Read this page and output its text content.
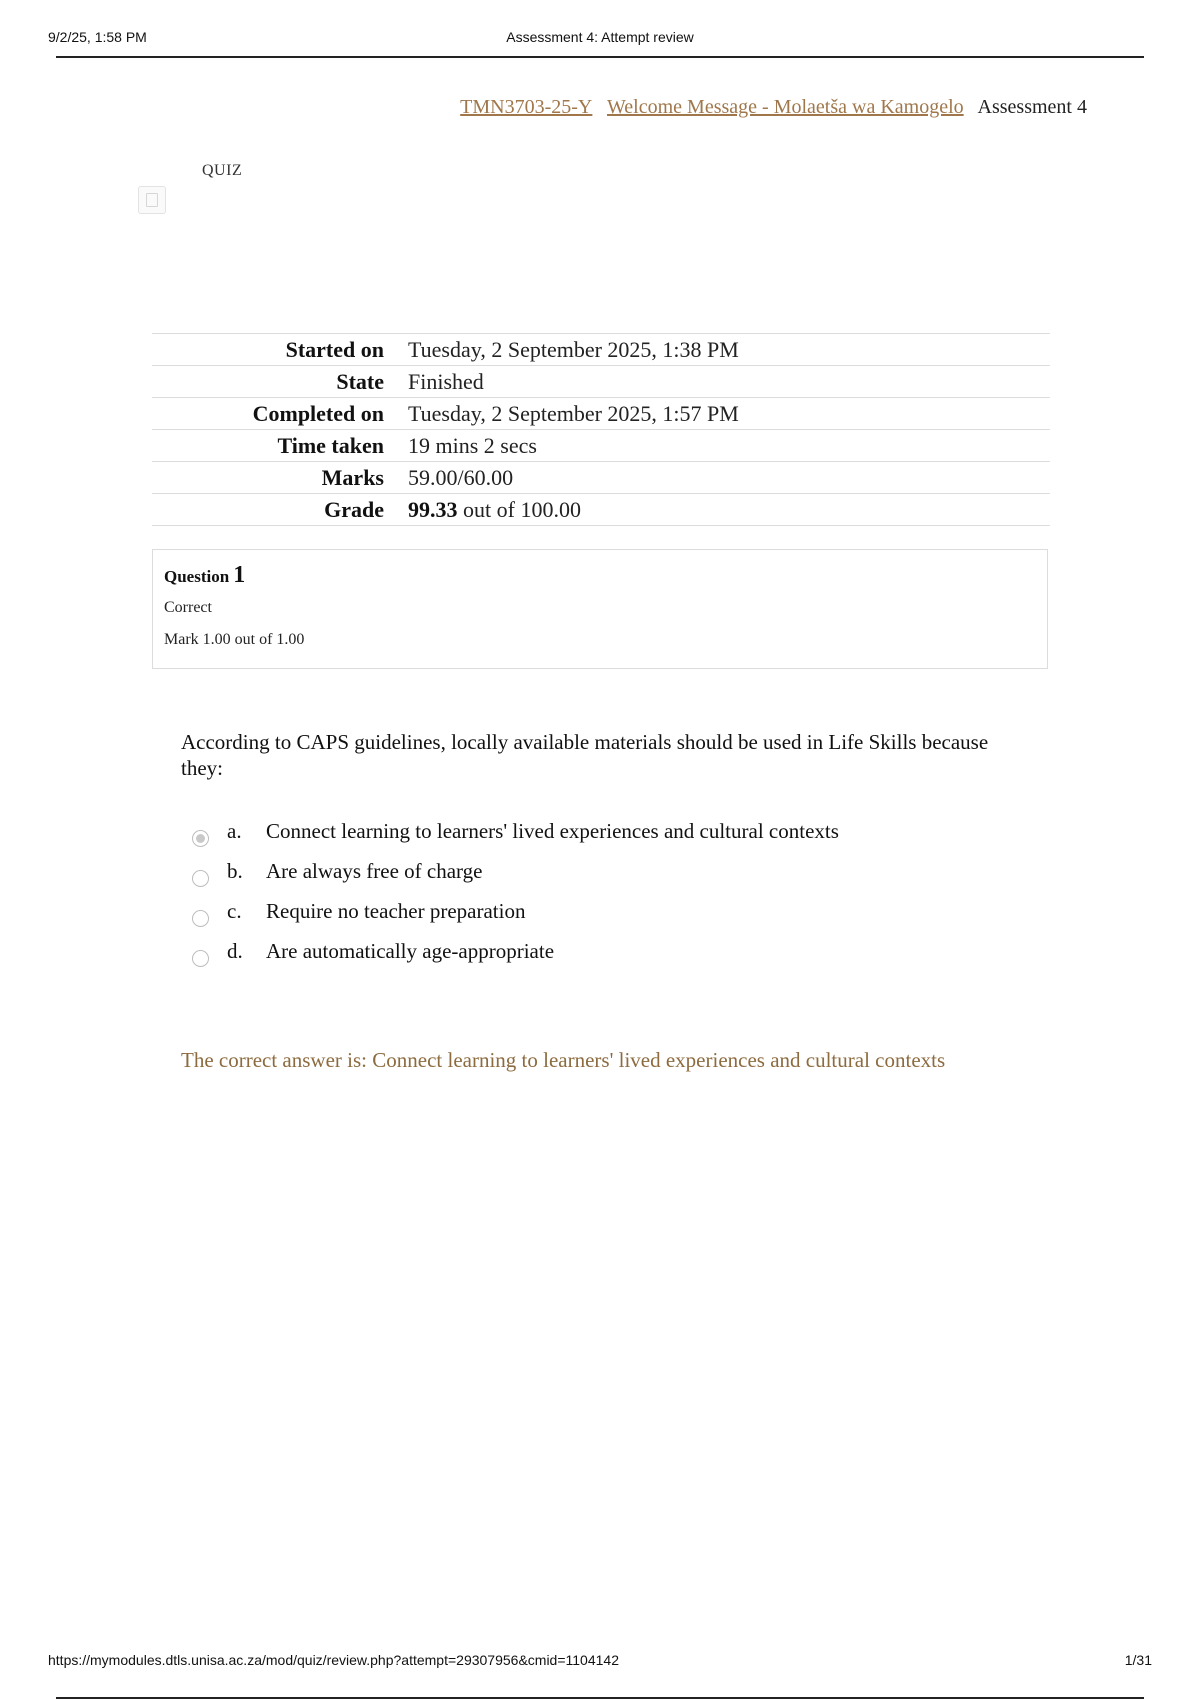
9/2/25, 1:58 PM	Assessment 4: Attempt review
TMN3703-25-Y Welcome Message - Molaetša wa Kamogelo Assessment 4
QUIZ
Started on	Tuesday, 2 September 2025, 1:38 PM
State	Finished
Completed on	Tuesday, 2 September 2025, 1:57 PM
Time taken	19 mins 2 secs
Marks	59.00/60.00
Grade	99.33 out of 100.00
Question 1
Correct
Mark 1.00 out of 1.00
According to CAPS guidelines, locally available materials should be used in Life Skills because they:
a. Connect learning to learners' lived experiences and cultural contexts
b. Are always free of charge
c. Require no teacher preparation
d. Are automatically age-appropriate
The correct answer is: Connect learning to learners' lived experiences and cultural contexts
https://mymodules.dtls.unisa.ac.za/mod/quiz/review.php?attempt=29307956&cmid=1104142	1/31
